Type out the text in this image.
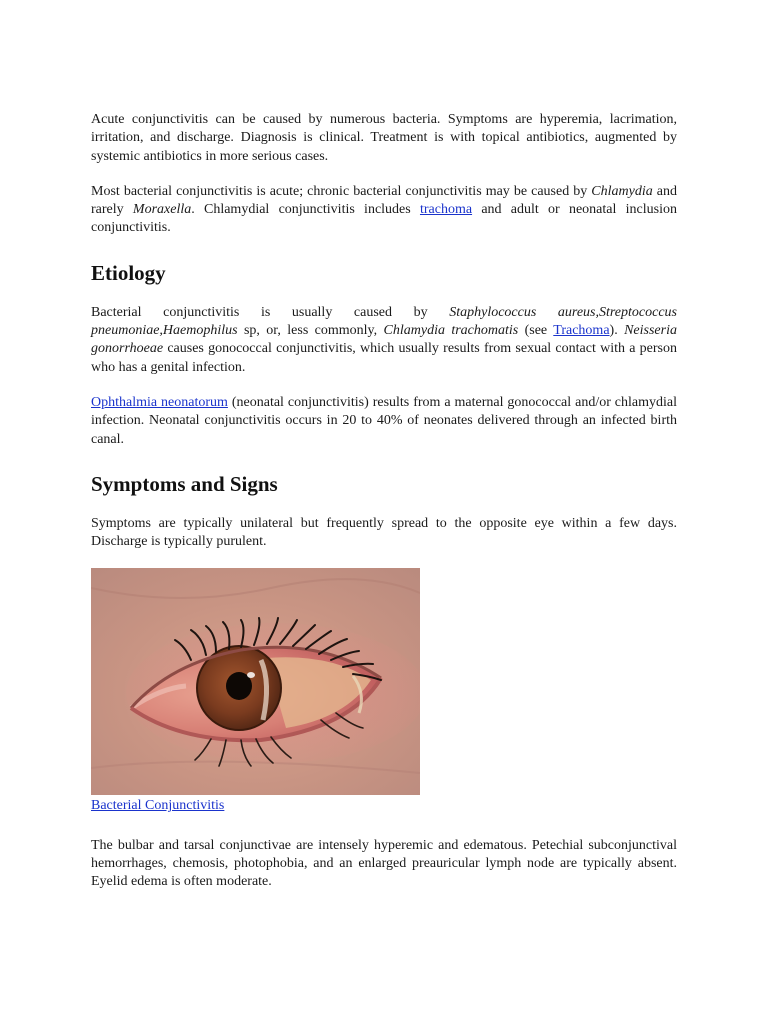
Acute conjunctivitis can be caused by numerous bacteria. Symptoms are hyperemia, lacrimation, irritation, and discharge. Diagnosis is clinical. Treatment is with topical antibiotics, augmented by systemic antibiotics in more serious cases.

Most bacterial conjunctivitis is acute; chronic bacterial conjunctivitis may be caused by Chlamydia and rarely Moraxella. Chlamydial conjunctivitis includes trachoma and adult or neonatal inclusion conjunctivitis.

Etiology

Bacterial conjunctivitis is usually caused by Staphylococcus aureus,Streptococcus pneumoniae,Haemophilus sp, or, less commonly, Chlamydia trachomatis (see Trachoma). Neisseria gonorrhoeae causes gonococcal conjunctivitis, which usually results from sexual contact with a person who has a genital infection.

Ophthalmia neonatorum (neonatal conjunctivitis) results from a maternal gonococcal and/or chlamydial infection. Neonatal conjunctivitis occurs in 20 to 40% of neonates delivered through an infected birth canal.

Symptoms and Signs

Symptoms are typically unilateral but frequently spread to the opposite eye within a few days. Discharge is typically purulent.

Bacterial Conjunctivitis

The bulbar and tarsal conjunctivae are intensely hyperemic and edematous. Petechial subconjunctival hemorrhages, chemosis, photophobia, and an enlarged preauricular lymph node are typically absent. Eyelid edema is often moderate.
